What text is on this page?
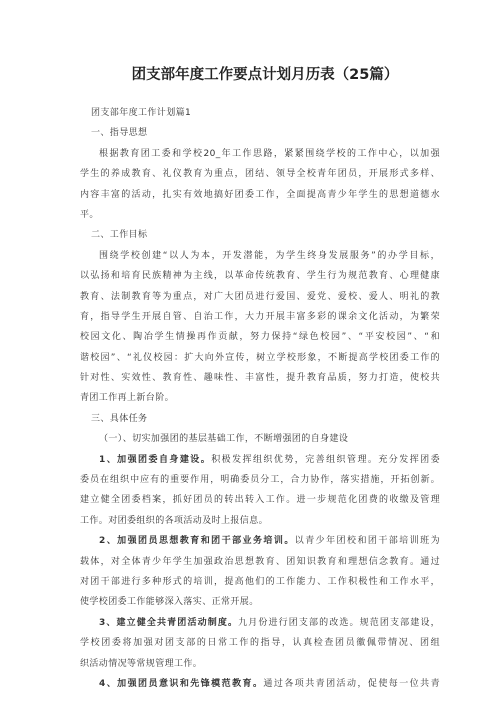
团支部年度工作要点计划月历表（25篇）
团支部年度工作计划篇1
一、指导思想
根据教育团工委和学校20_年工作思路，紧紧围绕学校的工作中心，以加强
学生的养成教育、礼仪教育为重点，团结、领导全校青年团员，开展形式多样、
内容丰富的活动，扎实有效地搞好团委工作，全面提高青少年学生的思想道德水
平。
二、工作目标
围绕学校创建“以人为本，开发潜能，为学生终身发展服务”的办学目标，
以弘扬和培育民族精神为主线，以革命传统教育、学生行为规范教育、心理健康
教育、法制教育等为重点，对广大团员进行爱国、爱党、爱校、爱人、明礼的教
育，指导学生开展自管、自治工作，大力开展丰富多彩的课余文化活动，为繁荣
校园文化、陶冶学生情操再作贡献，努力保持“绿色校园”、“平安校园”、“和
谐校园”、“礼仪校园：扩大向外宣传，树立学校形象，不断提高学校团委工作的
针对性、实效性、教育性、趣味性、丰富性，提升教育品质，努力打造，使校共
青团工作再上新台阶。
三、具体任务
（一）、切实加强团的基层基础工作，不断增强团的自身建设
1、加强团委自身建设。积极发挥组织优势，完善组织管理。充分发挥团委
委员在组织中应有的重要作用，明确委员分工，合力协作，落实措施，开拓创新。
建立健全团委档案，抓好团员的转出转入工作。进一步规范化团费的收缴及管理
工作。对团委组织的各项活动及时上报信息。
2、加强团员思想教育和团干部业务培训。以青少年团校和团干部培训班为
载体，对全体青少年学生加强政治思想教育、团知识教育和理想信念教育。通过
对团干部进行多种形式的培训，提高他们的工作能力、工作积极性和工作水平，
使学校团委工作能够深入落实、正常开展。
3、建立健全共青团活动制度。九月份进行团支部的改选。规范团支部建设，
学校团委将加强对团支部的日常工作的指导，认真检查团员徽佩带情况、团组
织活动情况等常规管理工作。
4、加强团员意识和先锋模范教育。通过各项共青团活动，促使每一位共青
